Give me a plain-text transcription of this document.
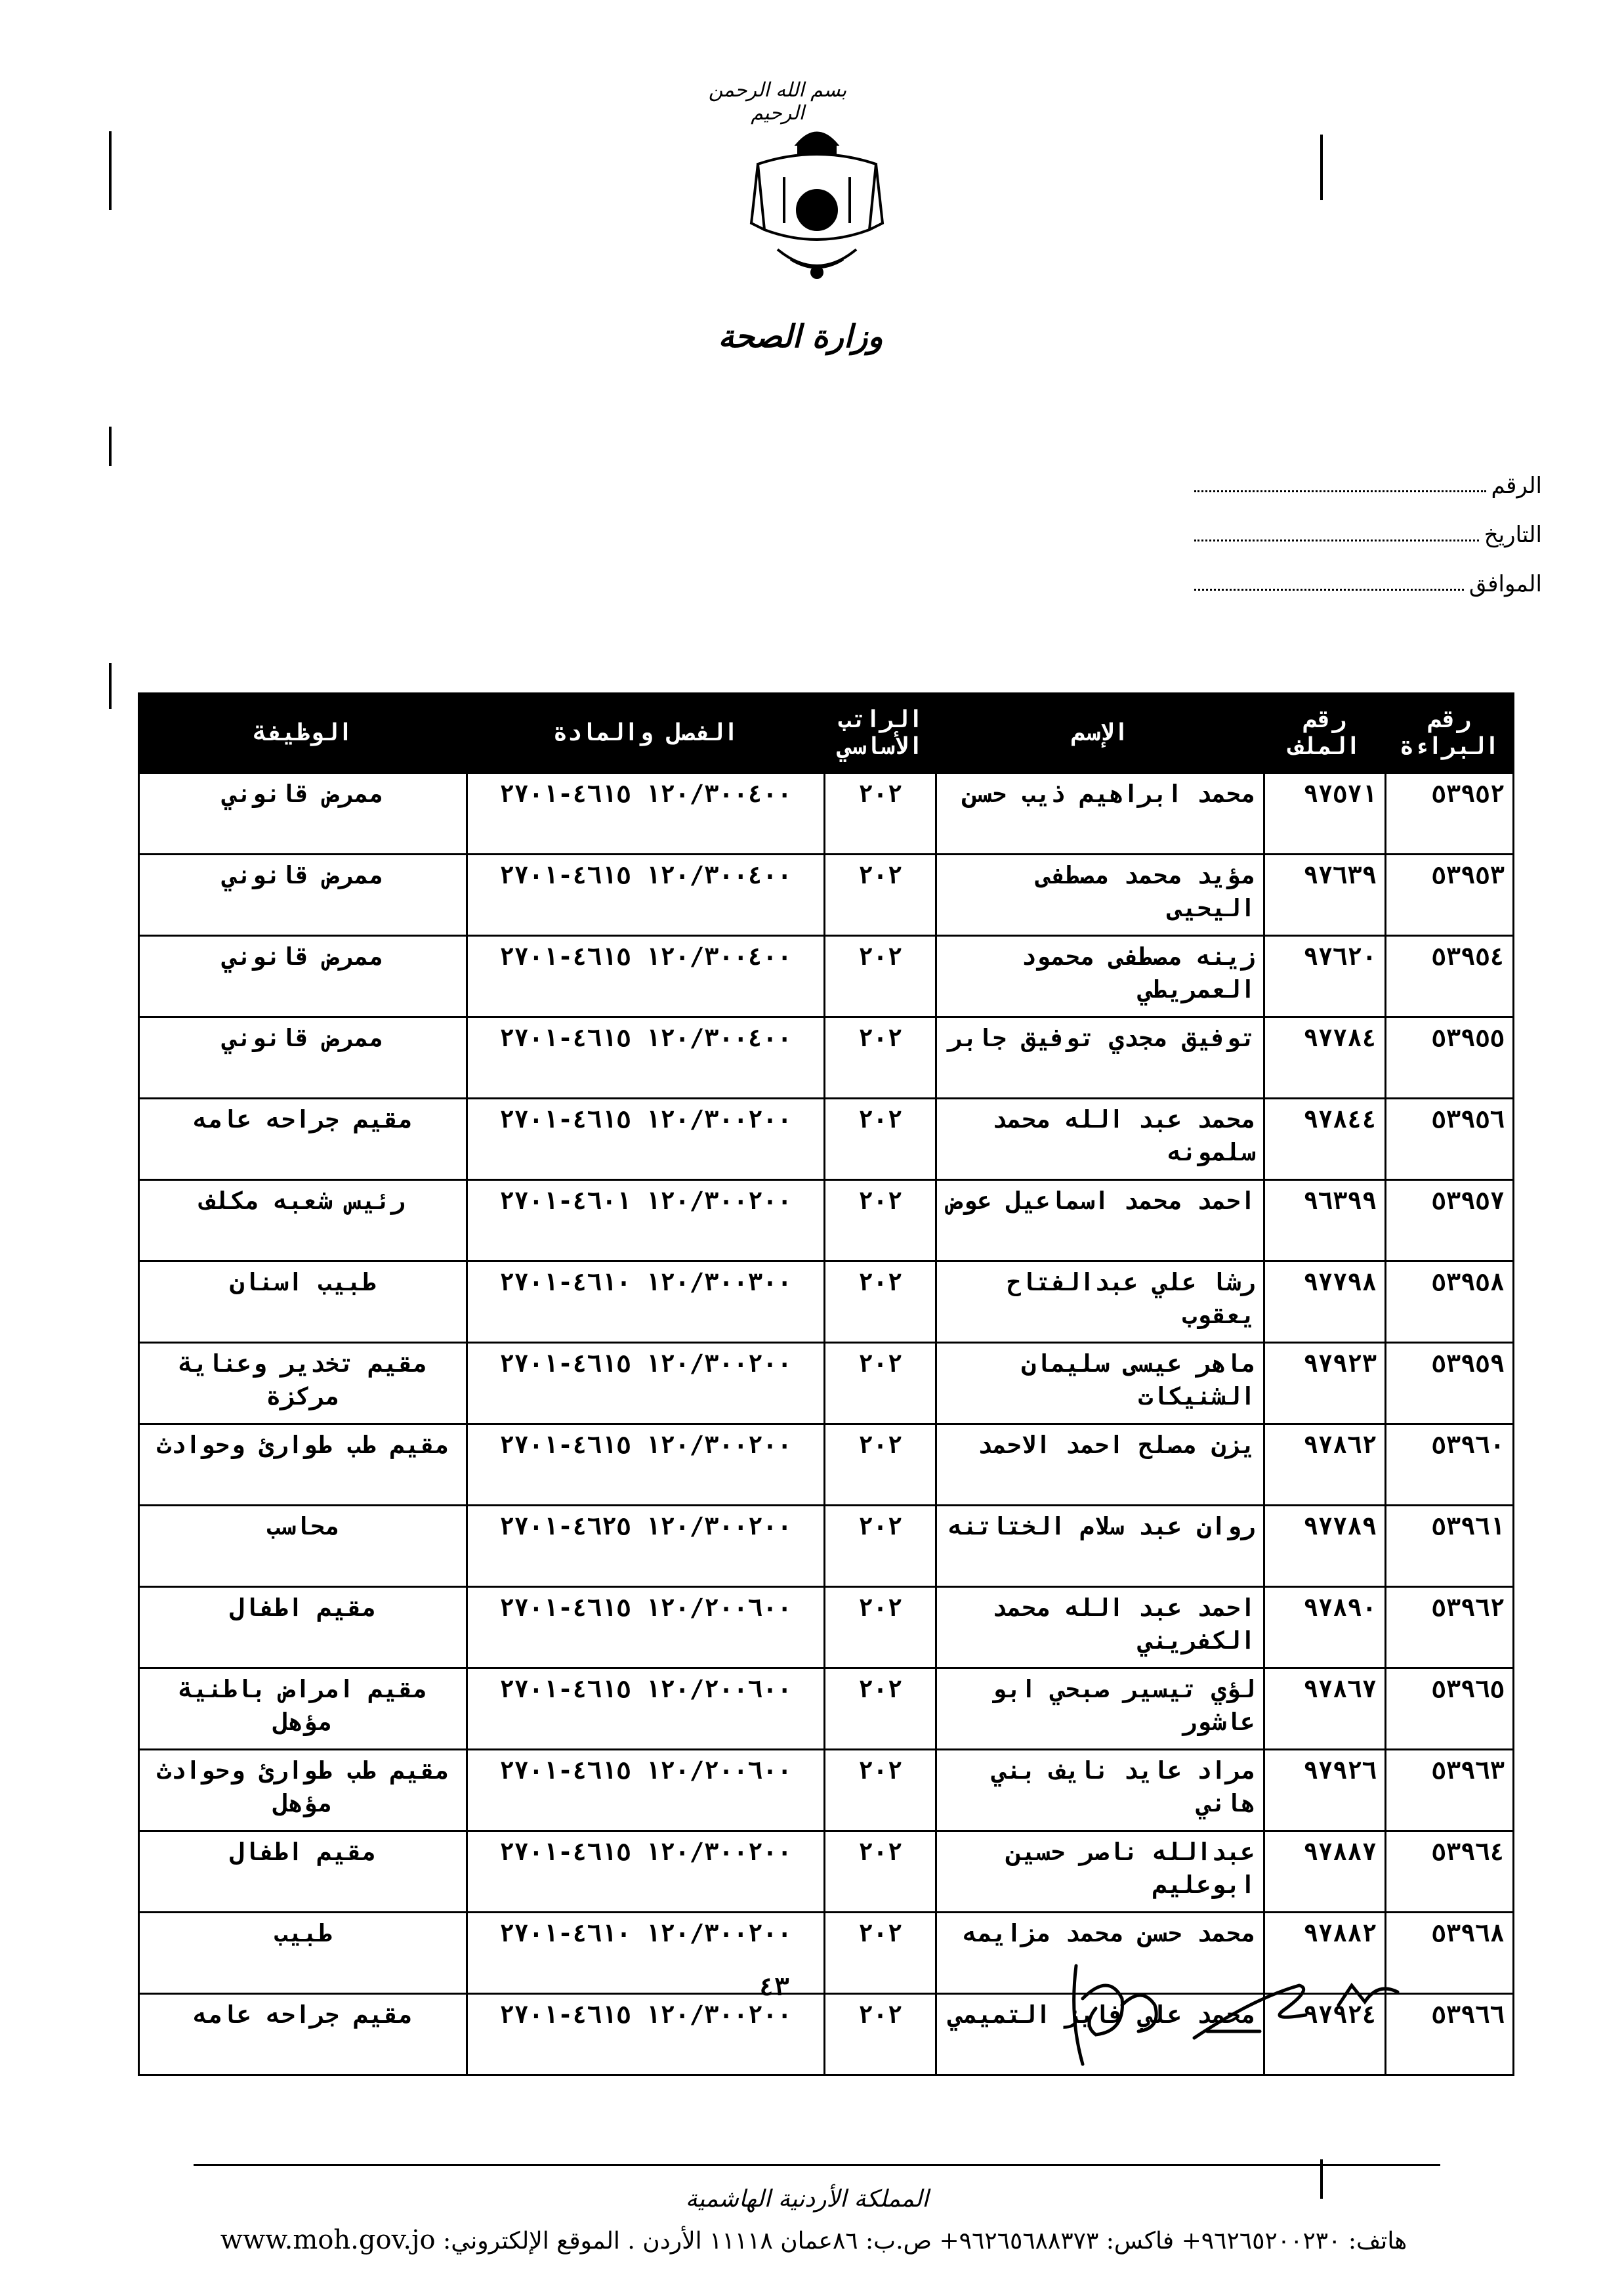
بسم الله الرحمن الرحيم
وزارة الصحة
الرقم
التاريخ
الموافق
رقم البراءة	رقم الملف	الإسم	الراتب الأساسي	الفصل والمادة	الوظيفة
٥٣٩٥٢	٩٧٥٧١	محمد ابراهيم ذيب حسن	٢٠٢	١٢٠/٣٠٠٤٠٠ ٤٦١٥-٢٧٠١	ممرض قانوني
٥٣٩٥٣	٩٧٦٣٩	مؤيد محمد مصطفى اليحيى	٢٠٢	١٢٠/٣٠٠٤٠٠ ٤٦١٥-٢٧٠١	ممرض قانوني
٥٣٩٥٤	٩٧٦٢٠	زينه مصطفى محمود العمريطي	٢٠٢	١٢٠/٣٠٠٤٠٠ ٤٦١٥-٢٧٠١	ممرض قانوني
٥٣٩٥٥	٩٧٧٨٤	توفيق مجدي توفيق جابر	٢٠٢	١٢٠/٣٠٠٤٠٠ ٤٦١٥-٢٧٠١	ممرض قانوني
٥٣٩٥٦	٩٧٨٤٤	محمد عبد الله محمد سلمونه	٢٠٢	١٢٠/٣٠٠٢٠٠ ٤٦١٥-٢٧٠١	مقيم جراحه عامه
٥٣٩٥٧	٩٦٣٩٩	احمد محمد اسماعيل عوض	٢٠٢	١٢٠/٣٠٠٢٠٠ ٤٦٠١-٢٧٠١	رئيس شعبه مكلف
٥٣٩٥٨	٩٧٧٩٨	رشا علي عبدالفتاح يعقوب	٢٠٢	١٢٠/٣٠٠٣٠٠ ٤٦١٠-٢٧٠١	طبيب اسنان
٥٣٩٥٩	٩٧٩٢٣	ماهر عيسى سليمان الشنيكات	٢٠٢	١٢٠/٣٠٠٢٠٠ ٤٦١٥-٢٧٠١	مقيم تخدير وعناية مركزة
٥٣٩٦٠	٩٧٨٦٢	يزن مصلح احمد الاحمد	٢٠٢	١٢٠/٣٠٠٢٠٠ ٤٦١٥-٢٧٠١	مقيم طب طوارئ وحوادث
٥٣٩٦١	٩٧٧٨٩	روان عبد سلام الختاتنه	٢٠٢	١٢٠/٣٠٠٢٠٠ ٤٦٢٥-٢٧٠١	محاسب
٥٣٩٦٢	٩٧٨٩٠	احمد عبد الله محمد الكفريني	٢٠٢	١٢٠/٢٠٠٦٠٠ ٤٦١٥-٢٧٠١	مقيم اطفال
٥٣٩٦٥	٩٧٨٦٧	لؤي تيسير صبحي ابو عاشور	٢٠٢	١٢٠/٢٠٠٦٠٠ ٤٦١٥-٢٧٠١	مقيم امراض باطنية مؤهل
٥٣٩٦٣	٩٧٩٢٦	مراد عايد نايف بني هاني	٢٠٢	١٢٠/٢٠٠٦٠٠ ٤٦١٥-٢٧٠١	مقيم طب طوارئ وحوادث مؤهل
٥٣٩٦٤	٩٧٨٨٧	عبدالله ناصر حسين ابوعليم	٢٠٢	١٢٠/٣٠٠٢٠٠ ٤٦١٥-٢٧٠١	مقيم اطفال
٥٣٩٦٨	٩٧٨٨٢	محمد حسن محمد مزايمه	٢٠٢	١٢٠/٣٠٠٢٠٠ ٤٦١٠-٢٧٠١	طبيب
٥٣٩٦٦	٩٧٩٢٤	محمد علي فايز التميمي	٢٠٢	١٢٠/٣٠٠٢٠٠ ٤٦١٥-٢٧٠١	مقيم جراحه عامه
٤٣
المملكة الأردنية الهاشمية
هاتف: ٩٦٢٦٥٢٠٠٢٣٠+ فاكس: ٩٦٢٦٥٦٨٨٣٧٣+ ص.ب: ٨٦عمان ١١١١٨ الأردن . الموقع الإلكتروني: www.moh.gov.jo
